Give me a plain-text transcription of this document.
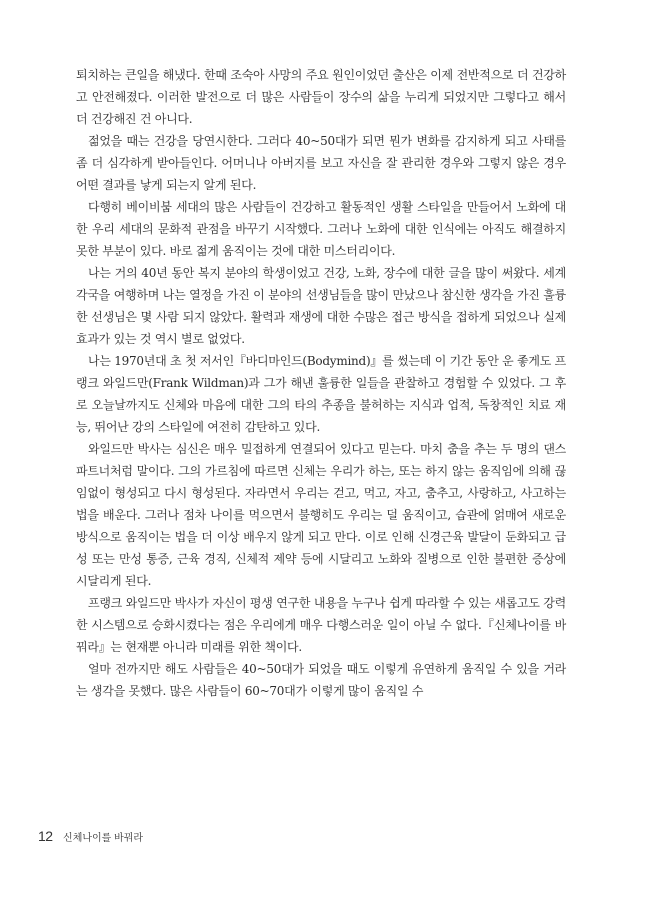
퇴치하는 큰일을 해냈다. 한때 조숙아 사망의 주요 원인이었던 출산은 이제 전반적으로 더 건강하고 안전해졌다. 이러한 발전으로 더 많은 사람들이 장수의 삶을 누리게 되었지만 그렇다고 해서 더 건강해진 건 아니다.

젊었을 때는 건강을 당연시한다. 그러다 40~50대가 되면 뭔가 변화를 감지하게 되고 사태를 좀 더 심각하게 받아들인다. 어머니나 아버지를 보고 자신을 잘 관리한 경우와 그렇지 않은 경우 어떤 결과를 낳게 되는지 알게 된다.

다행히 베이비붐 세대의 많은 사람들이 건강하고 활동적인 생활 스타일을 만들어서 노화에 대한 우리 세대의 문화적 관점을 바꾸기 시작했다. 그러나 노화에 대한 인식에는 아직도 해결하지 못한 부분이 있다. 바로 젊게 움직이는 것에 대한 미스터리이다.

나는 거의 40년 동안 복지 분야의 학생이었고 건강, 노화, 장수에 대한 글을 많이 써왔다. 세계 각국을 여행하며 나는 열정을 가진 이 분야의 선생님들을 많이 만났으나 참신한 생각을 가진 훌륭한 선생님은 몇 사람 되지 않았다. 활력과 재생에 대한 수많은 접근 방식을 접하게 되었으나 실제 효과가 있는 것 역시 별로 없었다.

나는 1970년대 초 첫 저서인『바디마인드(Bodymind)』를 썼는데 이 기간 동안 운 좋게도 프랭크 와일드만(Frank Wildman)과 그가 해낸 훌륭한 일들을 관찰하고 경험할 수 있었다. 그 후로 오늘날까지도 신체와 마음에 대한 그의 타의 추종을 불허하는 지식과 업적, 독창적인 치료 재능, 뛰어난 강의 스타일에 여전히 감탄하고 있다.

와일드만 박사는 심신은 매우 밀접하게 연결되어 있다고 믿는다. 마치 춤을 추는 두 명의 댄스 파트너처럼 말이다. 그의 가르침에 따르면 신체는 우리가 하는, 또는 하지 않는 움직임에 의해 끊임없이 형성되고 다시 형성된다. 자라면서 우리는 걷고, 먹고, 자고, 춤추고, 사랑하고, 사고하는 법을 배운다. 그러나 점차 나이를 먹으면서 불행히도 우리는 덜 움직이고, 습관에 얽매여 새로운 방식으로 움직이는 법을 더 이상 배우지 않게 되고 만다. 이로 인해 신경근육 발달이 둔화되고 급성 또는 만성 통증, 근육 경직, 신체적 제약 등에 시달리고 노화와 질병으로 인한 불편한 증상에 시달리게 된다.

프랭크 와일드만 박사가 자신이 평생 연구한 내용을 누구나 쉽게 따라할 수 있는 새롭고도 강력한 시스템으로 승화시켰다는 점은 우리에게 매우 다행스러운 일이 아닐 수 없다.『신체나이를 바꿔라』는 현재뿐 아니라 미래를 위한 책이다.

얼마 전까지만 해도 사람들은 40~50대가 되었을 때도 이렇게 유연하게 움직일 수 있을 거라는 생각을 못했다. 많은 사람들이 60~70대가 이렇게 많이 움직일 수

12 신체나이를 바꿔라
